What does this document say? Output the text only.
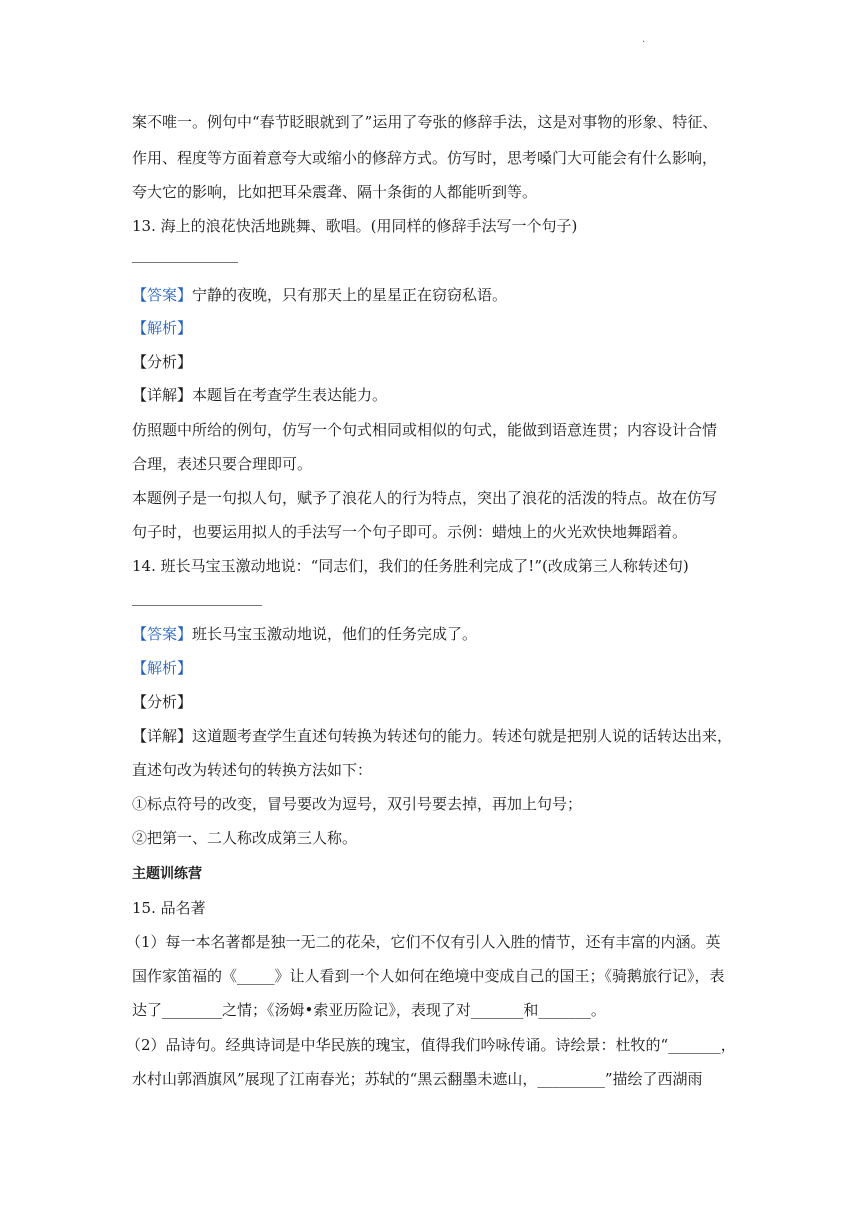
.
案不唯一。例句中“春节眨眼就到了”运用了夸张的修辞手法，这是对事物的形象、特征、
作用、程度等方面着意夸大或缩小的修辞方式。仿写时，思考嗓门大可能会有什么影响，
夸大它的影响，比如把耳朵震聋、隔十条街的人都能听到等。
13. 海上的浪花快活地跳舞、歌唱。(用同样的修辞手法写一个句子)
【答案】宁静的夜晚，只有那天上的星星正在窃窃私语。
【解析】
【分析】
【详解】本题旨在考查学生表达能力。
仿照题中所给的例句，仿写一个句式相同或相似的句式，能做到语意连贯；内容设计合情
合理，表述只要合理即可。
本题例子是一句拟人句，赋予了浪花人的行为特点，突出了浪花的活泼的特点。故在仿写
句子时，也要运用拟人的手法写一个句子即可。示例：蜡烛上的火光欢快地舞蹈着。
14. 班长马宝玉激动地说：“同志们，我们的任务胜利完成了!”(改成第三人称转述句)
【答案】班长马宝玉激动地说，他们的任务完成了。
【解析】
【分析】
【详解】这道题考查学生直述句转换为转述句的能力。转述句就是把别人说的话转达出来，
直述句改为转述句的转换方法如下：
①标点符号的改变，冒号要改为逗号，双引号要去掉，再加上句号；
②把第一、二人称改成第三人称。
主题训练营
15. 品名著
（1）每一本名著都是独一无二的花朵，它们不仅有引人入胜的情节，还有丰富的内涵。英
国作家笛福的《_____》让人看到一个人如何在绝境中变成自己的国王；《骑鹅旅行记》，表
达了________之情；《汤姆•索亚历险记》，表现了对_______和_______。
（2）品诗句。经典诗词是中华民族的瑰宝，值得我们吟咏传诵。诗绘景：杜牧的“_______，
水村山郭酒旗风”展现了江南春光；苏轼的“黑云翻墨未遮山，_________”描绘了西湖雨
